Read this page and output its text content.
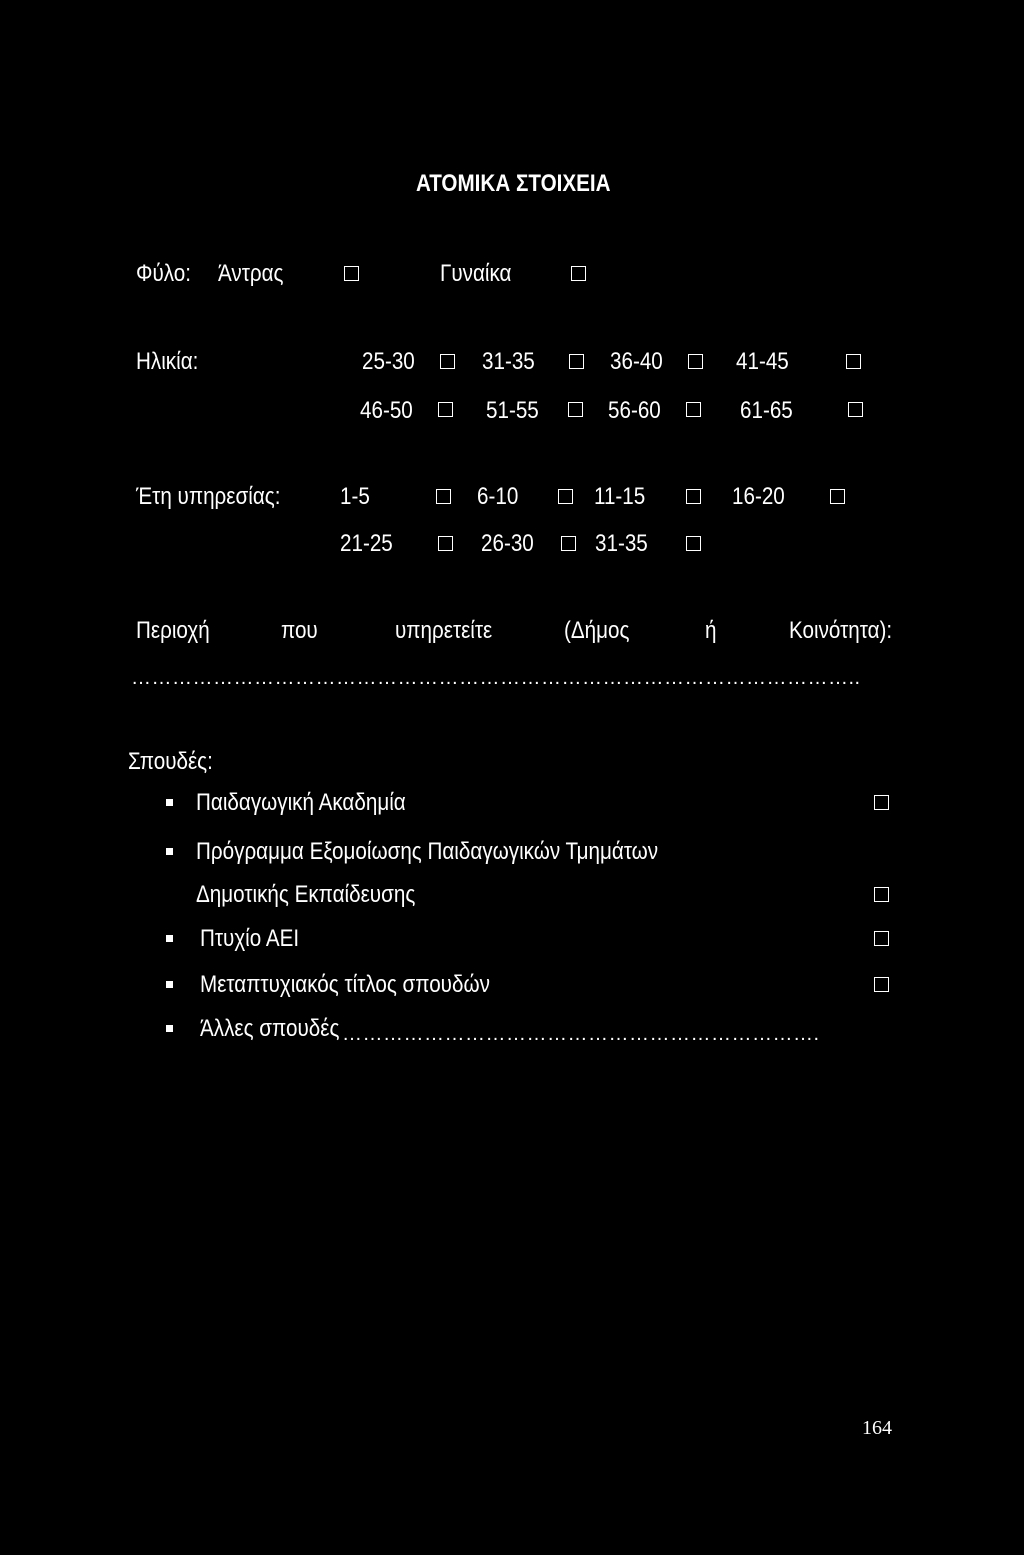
ΑΤΟΜΙΚΑ ΣΤΟΙΧΕΙΑ
Φύλο: Άντρας	Γυναίκα
Ηλικία:	25-30	31-35	36-40	41-45
46-50	51-55	56-60	61-65
Έτη υπηρεσίας: 1-5	6-10	11-15	16-20
21-25	26-30	31-35
Περιοχή	που	υπηρετείτε	(Δήμος	ή	Κοινότητα):
……………………………………………………………………………………………..
Σπουδές:
Παιδαγωγική Ακαδημία
Πρόγραμμα Εξομοίωσης Παιδαγωγικών Τμημάτων
Δημοτικής Εκπαίδευσης
Πτυχίο ΑΕΙ
Μεταπτυχιακός τίτλος σπουδών
Άλλες σπουδές …………………………………………………………….
164
